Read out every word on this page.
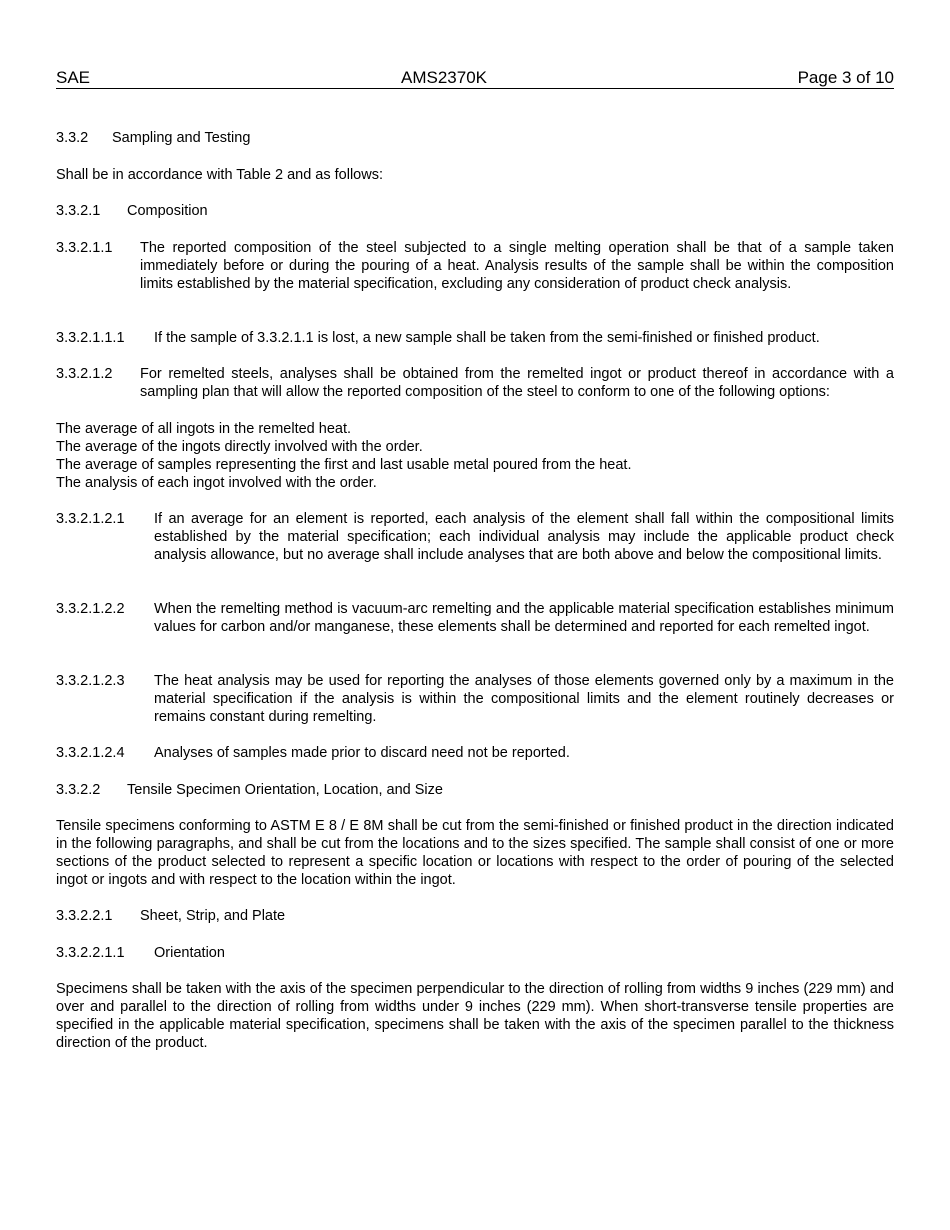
SAE	AMS2370K	Page 3 of 10
3.3.2 Sampling and Testing
Shall be in accordance with Table 2 and as follows:
3.3.2.1 Composition
3.3.2.1.1	The reported composition of the steel subjected to a single melting operation shall be that of a sample taken immediately before or during the pouring of a heat. Analysis results of the sample shall be within the composition limits established by the material specification, excluding any consideration of product check analysis.
3.3.2.1.1.1	If the sample of 3.3.2.1.1 is lost, a new sample shall be taken from the semi-finished or finished product.
3.3.2.1.2	For remelted steels, analyses shall be obtained from the remelted ingot or product thereof in accordance with a sampling plan that will allow the reported composition of the steel to conform to one of the following options:
The average of all ingots in the remelted heat.
The average of the ingots directly involved with the order.
The average of samples representing the first and last usable metal poured from the heat.
The analysis of each ingot involved with the order.
3.3.2.1.2.1	If an average for an element is reported, each analysis of the element shall fall within the compositional limits established by the material specification; each individual analysis may include the applicable product check analysis allowance, but no average shall include analyses that are both above and below the compositional limits.
3.3.2.1.2.2	When the remelting method is vacuum-arc remelting and the applicable material specification establishes minimum values for carbon and/or manganese, these elements shall be determined and reported for each remelted ingot.
3.3.2.1.2.3	The heat analysis may be used for reporting the analyses of those elements governed only by a maximum in the material specification if the analysis is within the compositional limits and the element routinely decreases or remains constant during remelting.
3.3.2.1.2.4	Analyses of samples made prior to discard need not be reported.
3.3.2.2 Tensile Specimen Orientation, Location, and Size
Tensile specimens conforming to ASTM E 8 / E 8M shall be cut from the semi-finished or finished product in the direction indicated in the following paragraphs, and shall be cut from the locations and to the sizes specified. The sample shall consist of one or more sections of the product selected to represent a specific location or locations with respect to the order of pouring of the selected ingot or ingots and with respect to the location within the ingot.
3.3.2.2.1 Sheet, Strip, and Plate
3.3.2.2.1.1 Orientation
Specimens shall be taken with the axis of the specimen perpendicular to the direction of rolling from widths 9 inches (229 mm) and over and parallel to the direction of rolling from widths under 9 inches (229 mm). When short-transverse tensile properties are specified in the applicable material specification, specimens shall be taken with the axis of the specimen parallel to the thickness direction of the product.
